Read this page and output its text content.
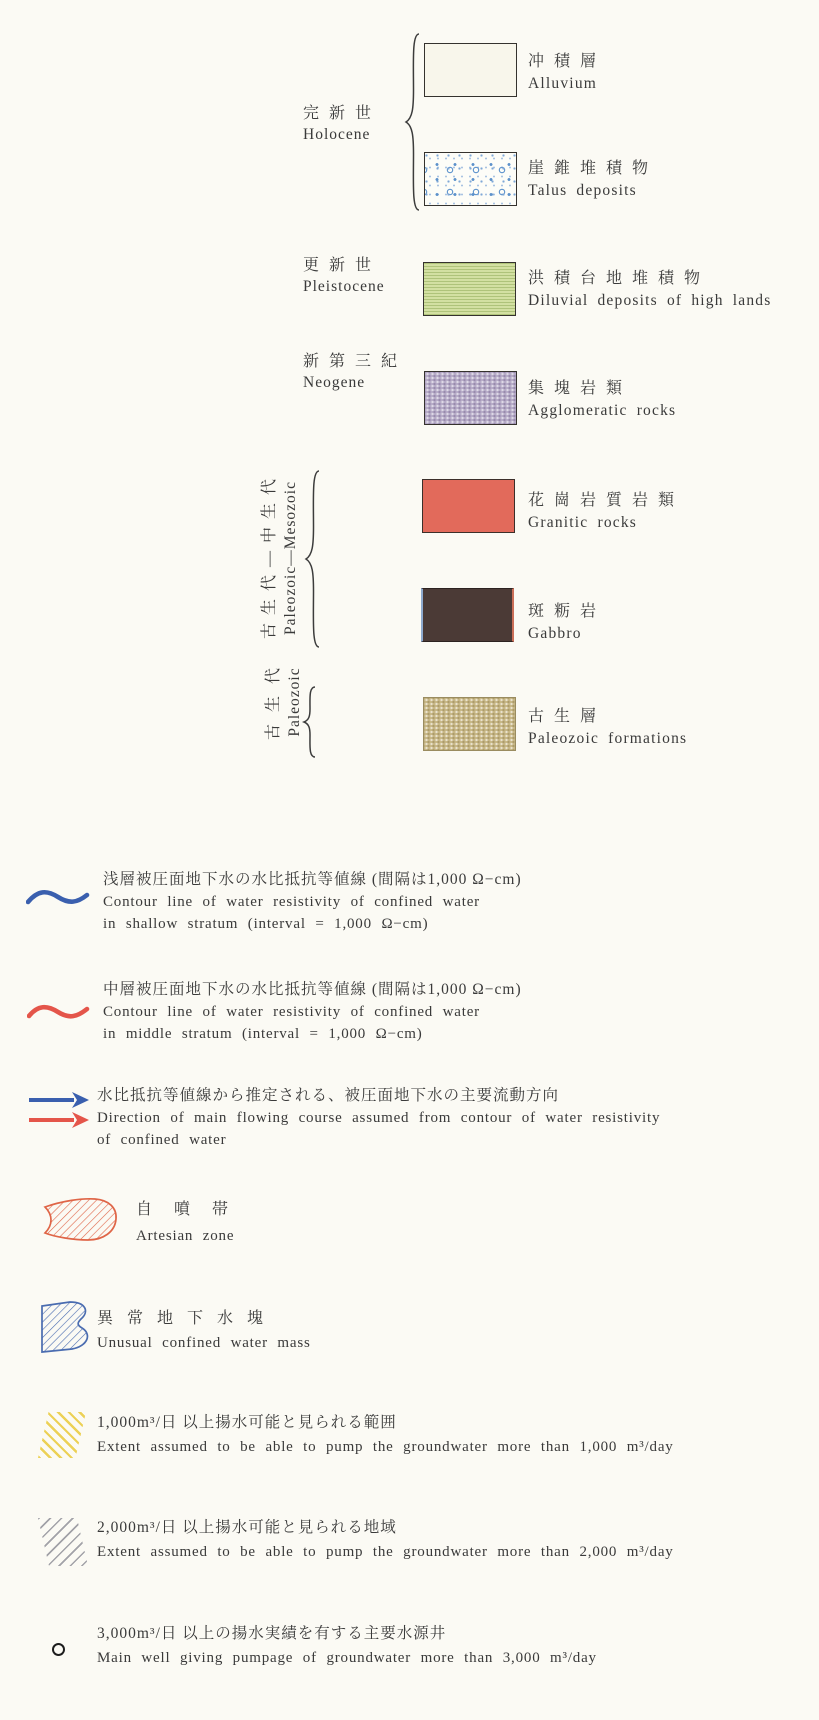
完 新 世
Holocene
冲 積 層
Alluvium
崖 錐 堆 積 物
Talus deposits
更 新 世
Pleistocene	洪 積 台 地 堆 積 物
Diluvial deposits of high lands
新 第 三 紀
Neogene	集 塊 岩 類
Agglomeratic rocks
古 生 代 — 中 生 代 Paleozoic—Mesozoic	花 崗 岩 質 岩 類
Granitic rocks
斑 粝 岩
Gabbro
古 生 代 Paleozoic	古 生 層
Paleozoic formations
浅層被圧面地下水の水比抵抗等値線 (間隔は1,000 Ω−cm)
Contour line of water resistivity of confined water
in shallow stratum (interval = 1,000 Ω−cm)
中層被圧面地下水の水比抵抗等値線 (間隔は1,000 Ω−cm)
Contour line of water resistivity of confined water
in middle stratum (interval = 1,000 Ω−cm)
水比抵抗等値線から推定される、被圧面地下水の主要流動方向
Direction of main flowing course assumed from contour of water resistivity
of confined water
自 噴 帯
Artesian zone
異 常 地 下 水 塊
Unusual confined water mass
1,000m³/日 以上揚水可能と見られる範囲
Extent assumed to be able to pump the groundwater more than 1,000 m³/day
2,000m³/日 以上揚水可能と見られる地域
Extent assumed to be able to pump the groundwater more than 2,000 m³/day
3,000m³/日 以上の揚水実績を有する主要水源井
Main well giving pumpage of groundwater more than 3,000 m³/day
